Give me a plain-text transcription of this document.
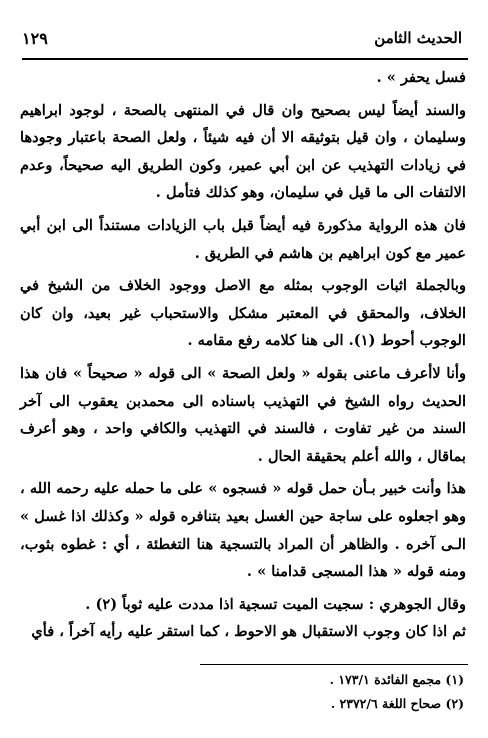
الحديث الثامن
١٢٩

فسل يحفر » .

والسند أيضاً ليس بصحيح وان قال في المنتهى بالصحة ، لوجود ابراهيم وسليمان ، وان قيل بتوثيقه الا أن فيه شيئاً ، ولعل الصحة باعتبار وجودها في زيادات التهذيب عن ابن أبي عمير، وكون الطريق اليه صحيحاً، وعدم الالتفات الى ما قيل في سليمان، وهو كذلك فتأمل .

فان هذه الرواية مذكورة فيه أيضاً قبل باب الزيادات مستنداً الى ابن أبي عمير مع كون ابراهيم بن هاشم في الطريق .

وبالجملة اثبات الوجوب بمثله مع الاصل ووجود الخلاف من الشيخ في الخلاف، والمحقق في المعتبر مشكل والاستحباب غير بعيد، وان كان الوجوب أحوط (١). الى هنا كلامه رفع مقامه .

وأنا لاأعرف ماعنى بقوله « ولعل الصحة » الى قوله « صحيحاً » فان هذا الحديث رواه الشيخ في التهذيب باسناده الى محمدبن يعقوب الى آخر السند من غير تفاوت ، فالسند في التهذيب والكافي واحد ، وهو أعرف بماقال ، والله أعلم بحقيقة الحال .

هذا وأنت خبير بـأن حمل قوله « فسجوه » على ما حمله عليه رحمه الله ، وهو اجعلوه على ساجة حين الغسل بعيد بتنافره قوله « وكذلك اذا غسل » الـى آخره . والظاهر أن المراد بالتسجية هنا التغطئة ، أي : غطوه بثوب، ومنه قوله « هذا المسجى قدامنا » .

وقال الجوهري : سجيت الميت تسجية اذا مددت عليه ثوباً (٢) .

ثم اذا كان وجوب الاستقبال هو الاحوط ، كما استقر عليه رأيه آخراً ، فأي

(١) مجمع الفائدة ١٧٣/١ .

(٢) صحاح اللغة ٢٣٧٢/٦ .
